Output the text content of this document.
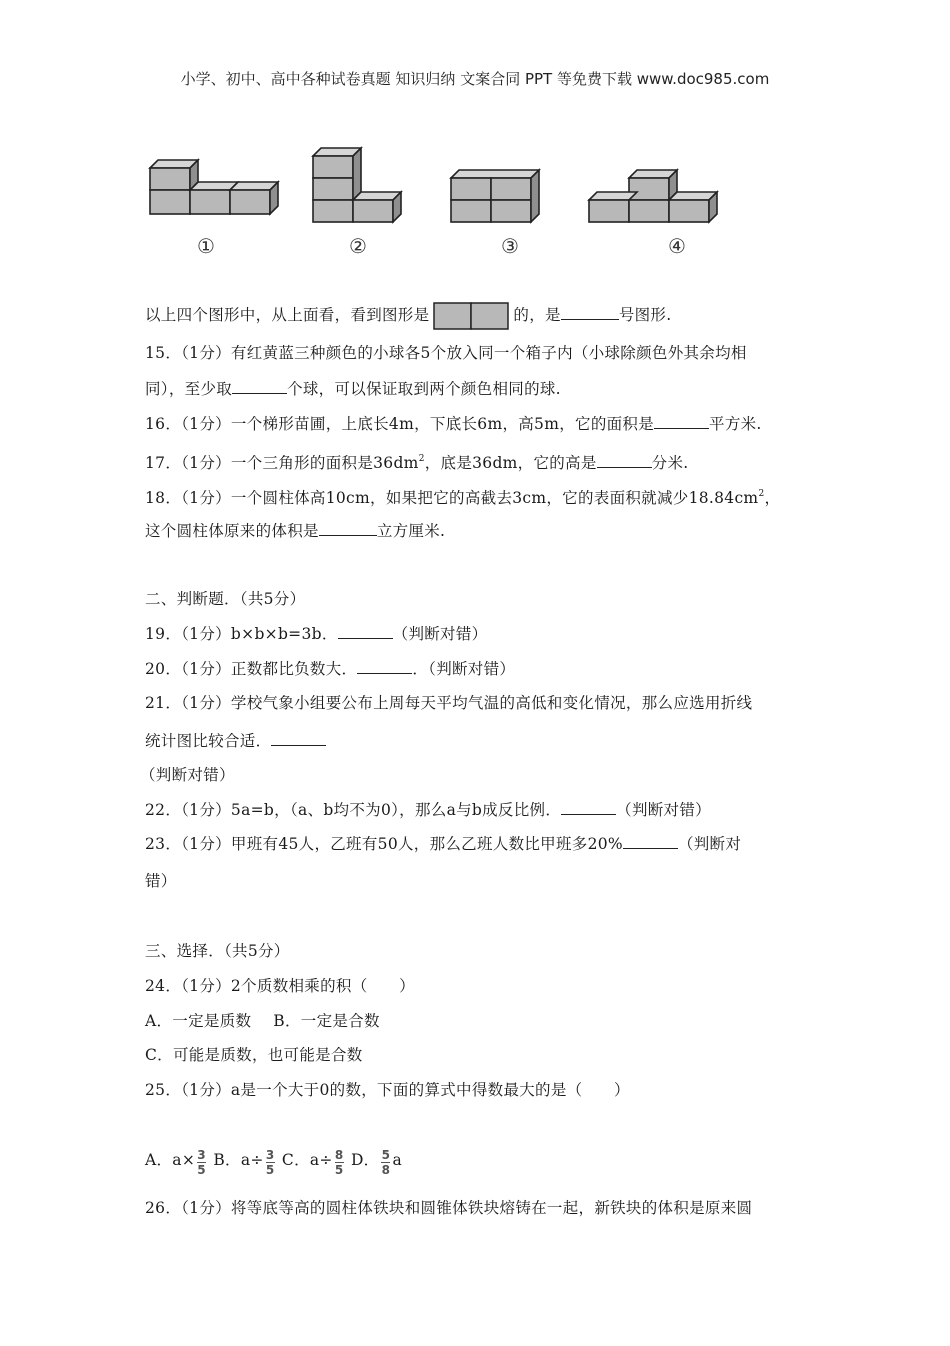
小学、初中、高中各种试卷真题 知识归纳 文案合同 PPT 等免费下载 www.doc985.com
①	②	③	④
以上四个图形中，从上面看，看到图形是	的，是	号图形.
15．（1分）有红黄蓝三种颜色的小球各5个放入同一个箱子内（小球除颜色外其余均相
同），至少取	个球，可以保证取到两个颜色相同的球.
16．（1分）一个梯形苗圃，上底长4m，下底长6m，高5m，它的面积是	平方米.
17．（1分）一个三角形的面积是$36dm^2$，底是36dm，它的高是	分米.
18．（1分）一个圆柱体高10cm，如果把它的高截去3cm，它的表面积就减少$18.84cm^2$，
这个圆柱体原来的体积是	立方厘米.
二、判断题．（共5分）
19．（1分）b×b×b=3b．	（判断对错）
20．（1分）正数都比负数大．	．（判断对错）
21．（1分）学校气象小组要公布上周每天平均气温的高低和变化情况，那么应选用折线
统计图比较合适．
（判断对错）
22．（1分）5a=b，（a、b均不为0），那么a与b成反比例．	（判断对错）
23．（1分）甲班有45人，乙班有50人，那么乙班人数比甲班多20%	（判断对
错）
三、选择．（共5分）
24．（1分）2个质数相乘的积（　　）
A．一定是质数 B．一定是合数
C．可能是质数，也可能是合数
25．（1分）a是一个大于0的数，下面的算式中得数最大的是（　　）
A．$a\times \frac{3}{5}$ B．$a\div \frac{3}{5}$ C．$a\div \frac{8}{5}$ D． $\frac{5}{8}$ a
26．（1分）将等底等高的圆柱体铁块和圆锥体铁块熔铸在一起，新铁块的体积是原来圆
